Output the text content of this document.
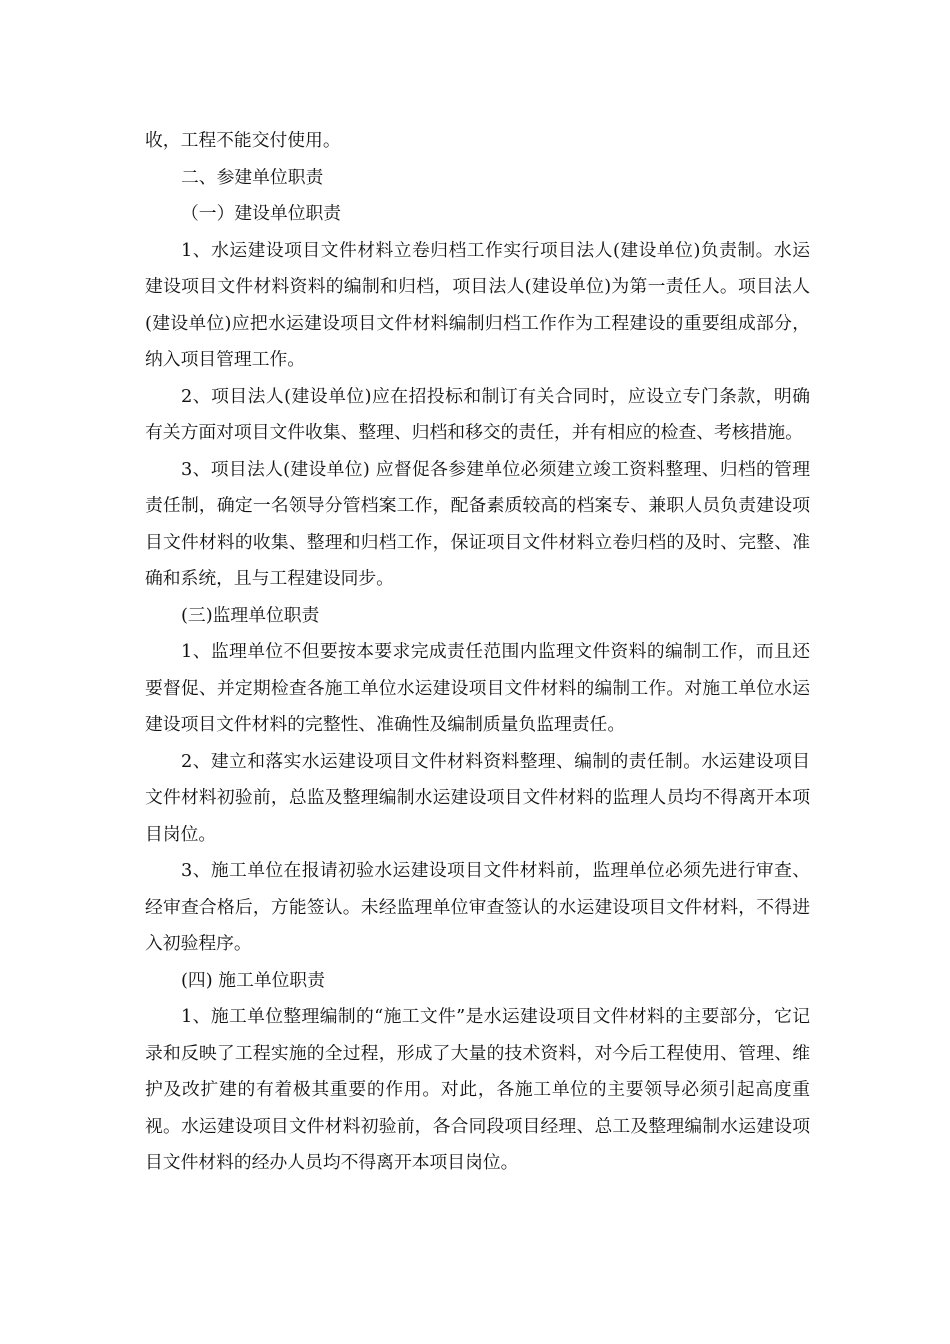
收，工程不能交付使用。

二、参建单位职责

（一）建设单位职责

1、水运建设项目文件材料立卷归档工作实行项目法人(建设单位)负责制。水运建设项目文件材料资料的编制和归档，项目法人(建设单位)为第一责任人。项目法人(建设单位)应把水运建设项目文件材料编制归档工作作为工程建设的重要组成部分，纳入项目管理工作。

2、项目法人(建设单位)应在招投标和制订有关合同时，应设立专门条款，明确有关方面对项目文件收集、整理、归档和移交的责任，并有相应的检查、考核措施。

3、项目法人(建设单位) 应督促各参建单位必须建立竣工资料整理、归档的管理责任制，确定一名领导分管档案工作，配备素质较高的档案专、兼职人员负责建设项目文件材料的收集、整理和归档工作，保证项目文件材料立卷归档的及时、完整、准确和系统，且与工程建设同步。

(三)监理单位职责

1、监理单位不但要按本要求完成责任范围内监理文件资料的编制工作，而且还要督促、并定期检查各施工单位水运建设项目文件材料的编制工作。对施工单位水运建设项目文件材料的完整性、准确性及编制质量负监理责任。

2、建立和落实水运建设项目文件材料资料整理、编制的责任制。水运建设项目文件材料初验前，总监及整理编制水运建设项目文件材料的监理人员均不得离开本项目岗位。

3、施工单位在报请初验水运建设项目文件材料前，监理单位必须先进行审查、经审查合格后，方能签认。未经监理单位审查签认的水运建设项目文件材料，不得进入初验程序。

(四) 施工单位职责

1、施工单位整理编制的“施工文件”是水运建设项目文件材料的主要部分，它记录和反映了工程实施的全过程，形成了大量的技术资料，对今后工程使用、管理、维护及改扩建的有着极其重要的作用。对此，各施工单位的主要领导必须引起高度重视。水运建设项目文件材料初验前，各合同段项目经理、总工及整理编制水运建设项目文件材料的经办人员均不得离开本项目岗位。
